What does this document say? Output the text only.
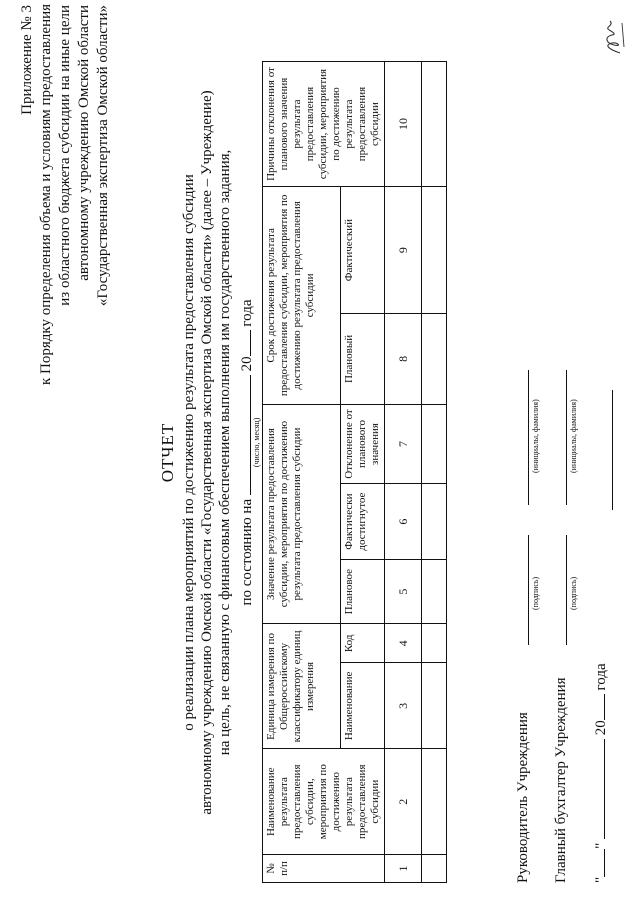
Приложение № 3 к Порядку определения объема и условиям предоставления из областного бюджета субсидии на иные цели автономному учреждению Омской области «Государственная экспертиза Омской области»
ОТЧЕТ о реализации плана мероприятий по достижению результата предоставления субсидии автономному учреждению Омской области «Государственная экспертиза Омской области» (далее – Учреждение) на цель, не связанную с финансовым обеспечением выполнения им государственного задания, по состоянию на
(число, месяц)
20 года
№ п/п	Наименование результата предоставления субсидии, мероприятия по достижению результата предоставления субсидии	Единица измерения по Общероссийскому классификатору единиц измерения		Значение результата предоставления субсидии, мероприятия по достижению результата предоставления субсидии			Срок достижения результата предоставления субсидии, мероприятия по достижению результата предоставления субсидии		Причины отклонения от планового значения результата предоставления субсидии, мероприятия по достижению результата предоставления субсидии
		Наименование	Код	Плановое	Фактически достигнутое	Отклонение от планового значения	Плановый	Фактический	
1	2	3	4	5	6	7	8	9	10

Руководитель Учреждения
(подпись)
(инициалы, фамилия)
Главный бухгалтер Учреждения
(подпись)
(инициалы, фамилия)
""  20 года
